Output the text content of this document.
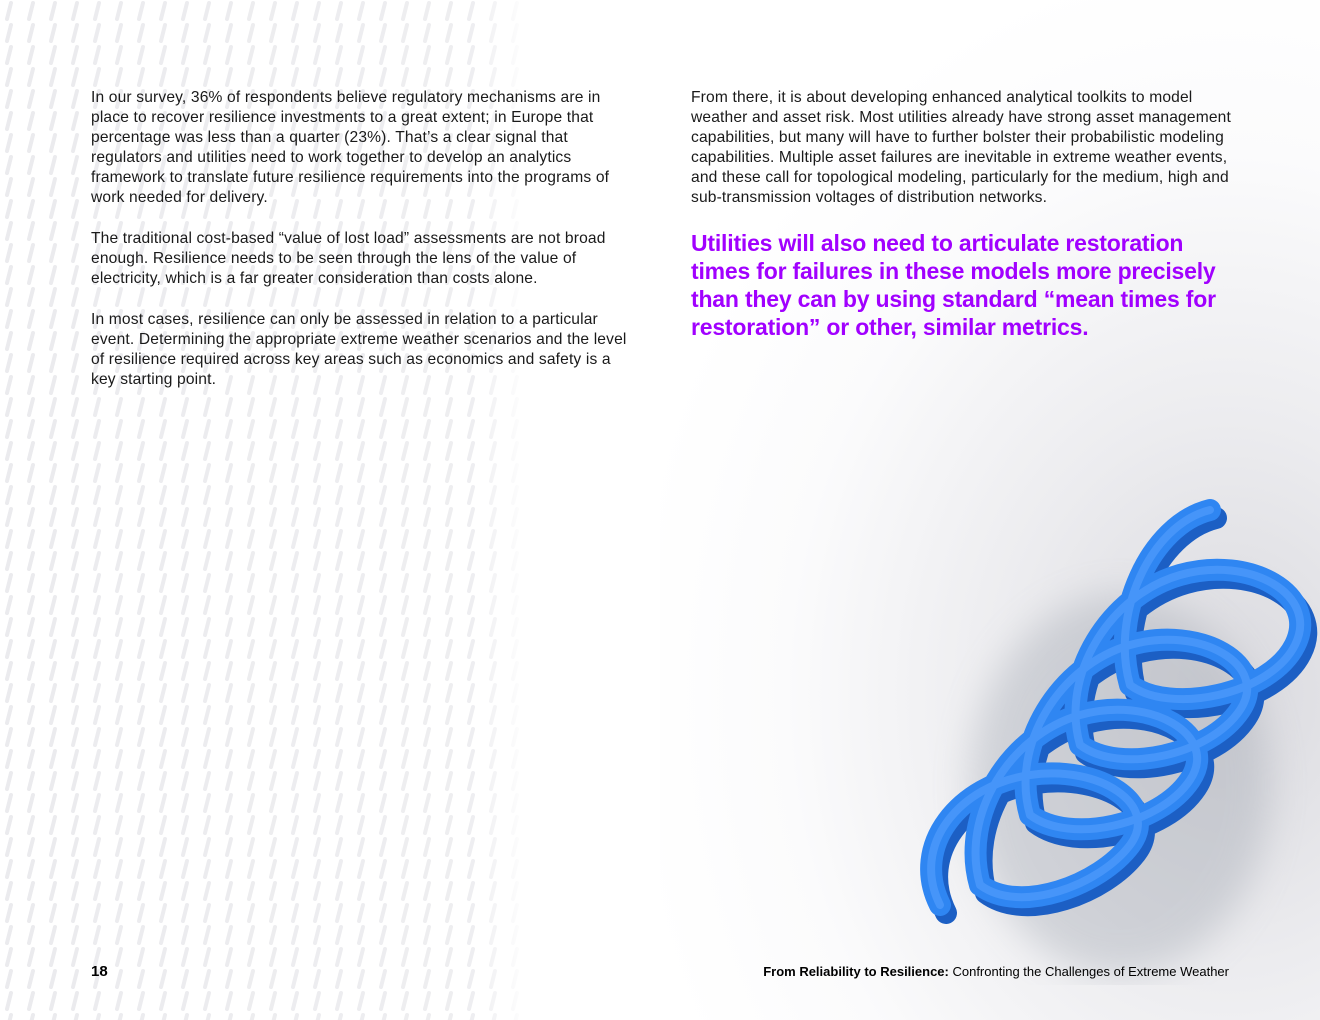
In our survey, 36% of respondents believe regulatory mechanisms are in place to recover resilience investments to a great extent; in Europe that percentage was less than a quarter (23%). That’s a clear signal that regulators and utilities need to work together to develop an analytics framework to translate future resilience requirements into the programs of work needed for delivery.

The traditional cost-based “value of lost load” assessments are not broad enough. Resilience needs to be seen through the lens of the value of electricity, which is a far greater consideration than costs alone.

In most cases, resilience can only be assessed in relation to a particular event. Determining the appropriate extreme weather scenarios and the level of resilience required across key areas such as economics and safety is a key starting point.

From there, it is about developing enhanced analytical toolkits to model weather and asset risk. Most utilities already have strong asset management capabilities, but many will have to further bolster their probabilistic modeling capabilities. Multiple asset failures are inevitable in extreme weather events, and these call for topological modeling, particularly for the medium, high and sub-transmission voltages of distribution networks.

Utilities will also need to articulate restoration times for failures in these models more precisely than they can by using standard “mean times for restoration” or other, similar metrics.
18	From Reliability to Resilience: Confronting the Challenges of Extreme Weather
